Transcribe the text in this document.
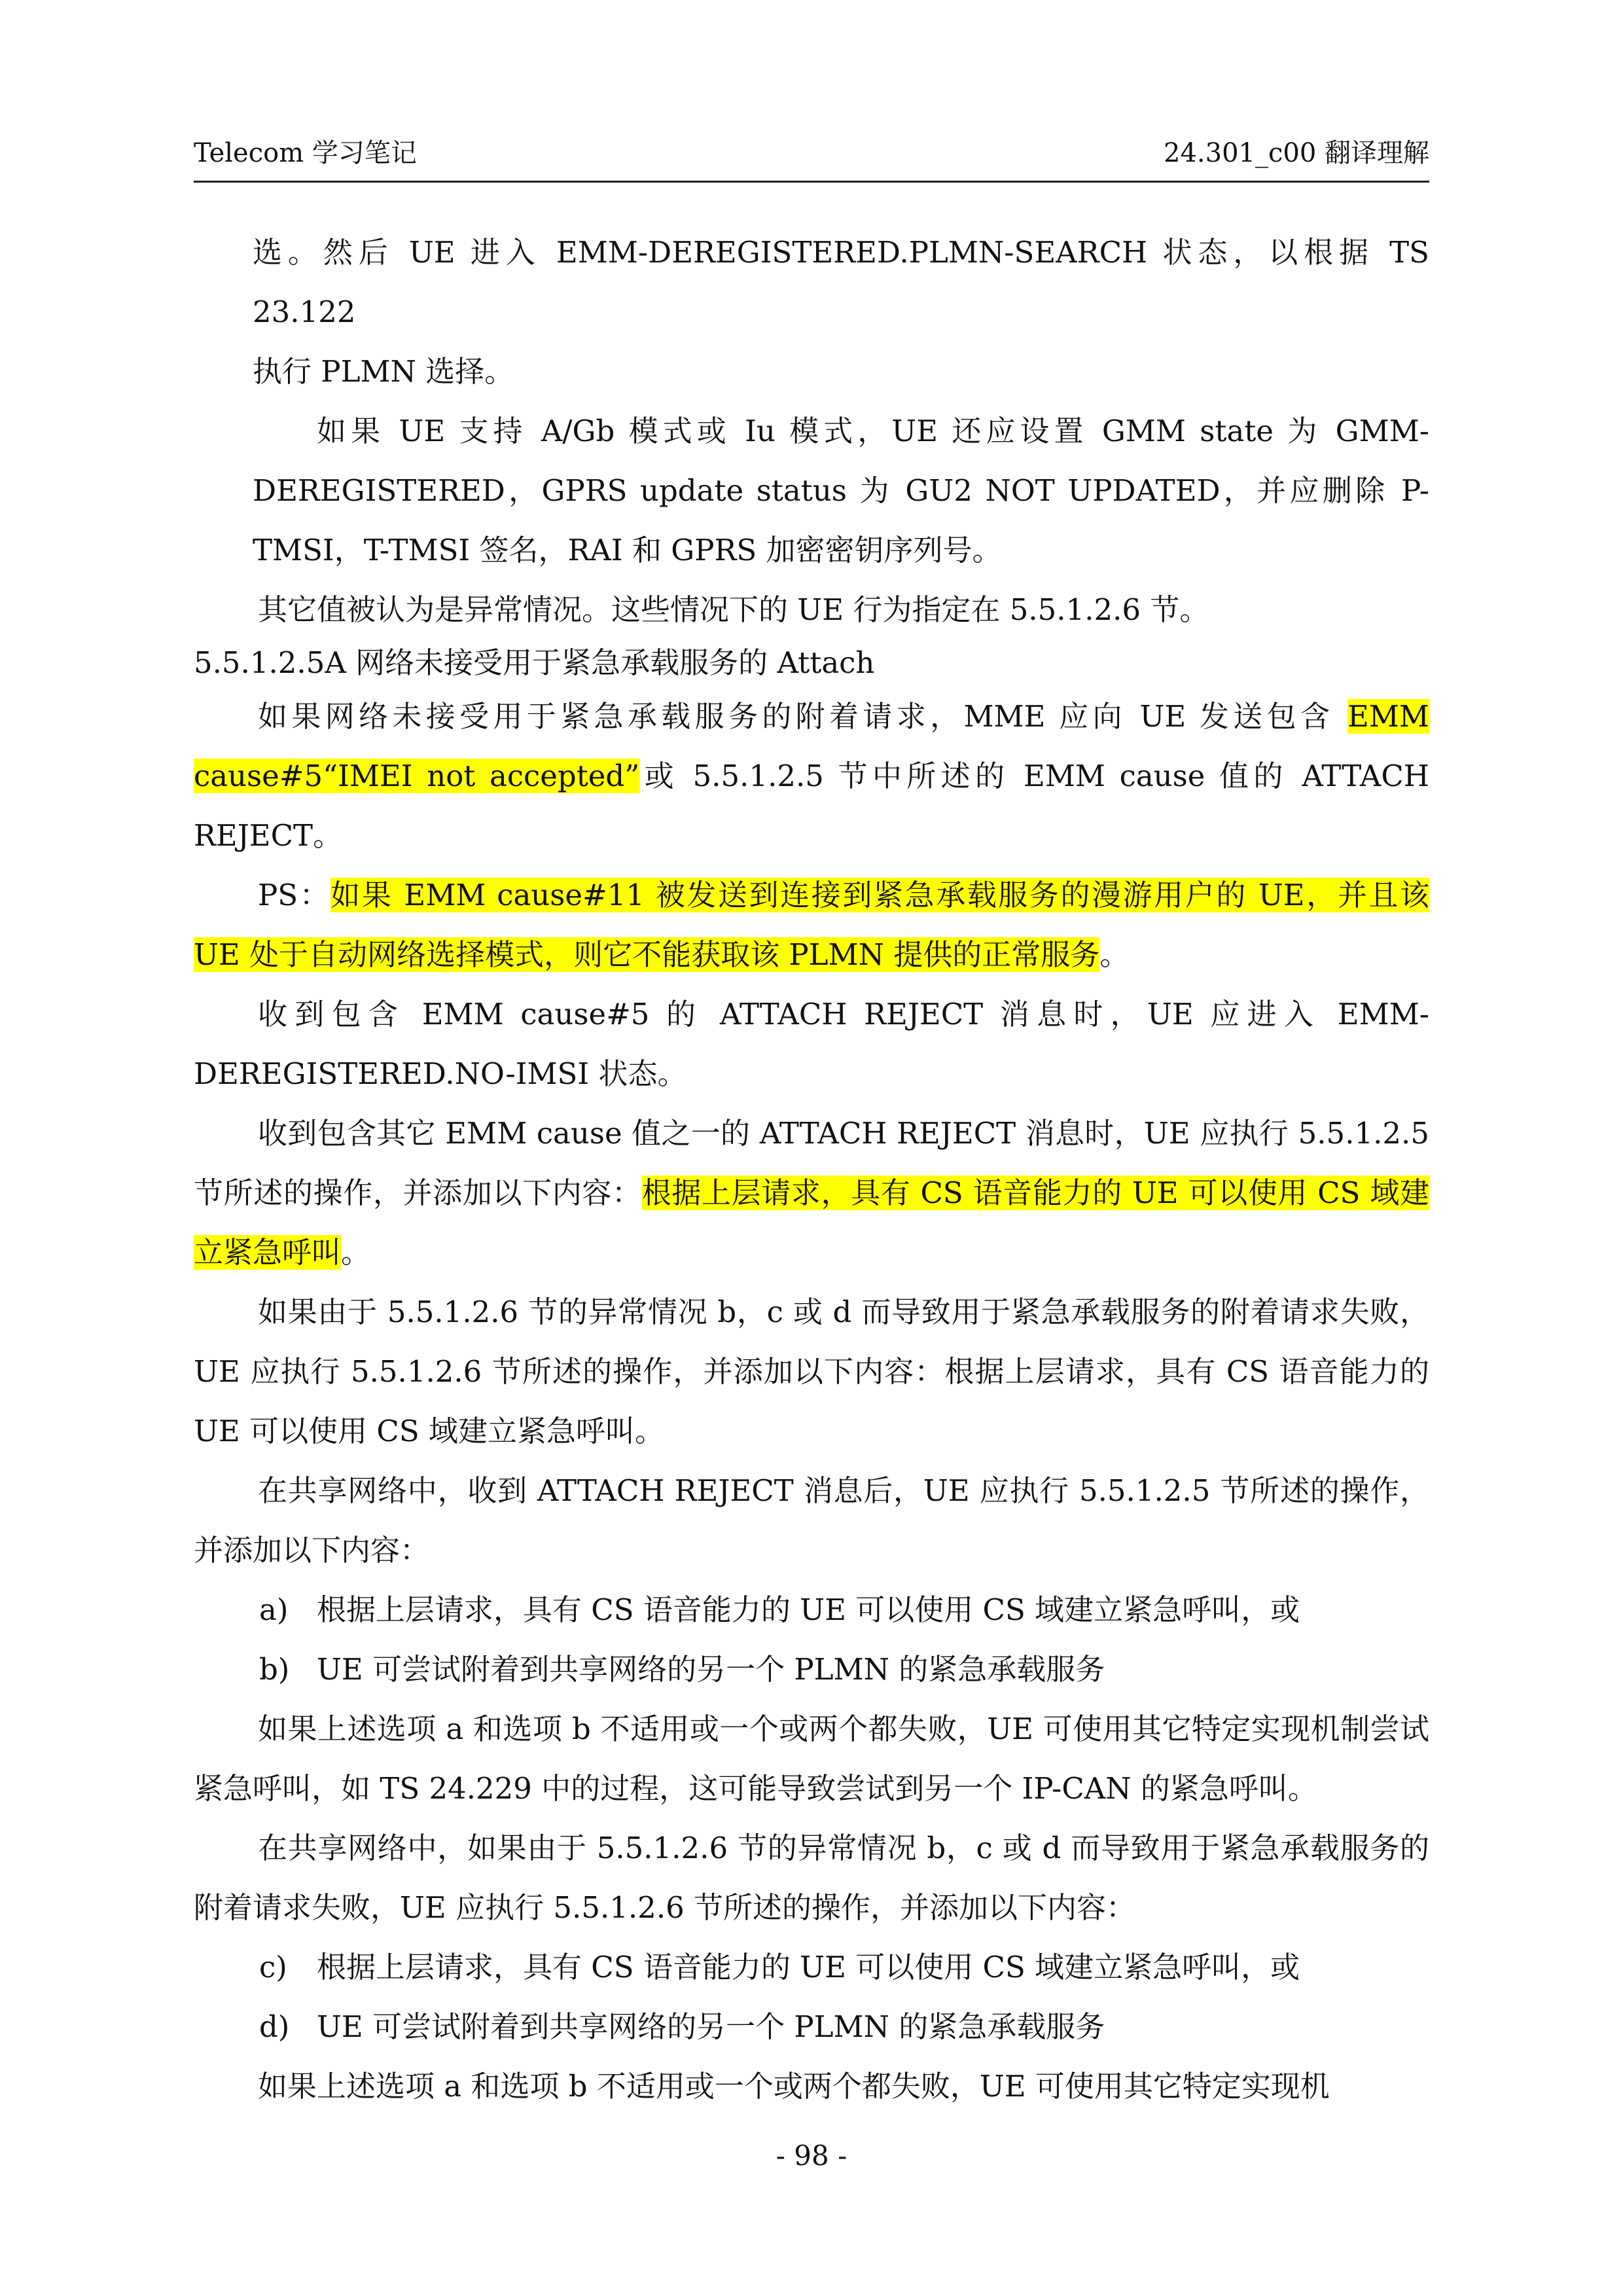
Telecom 学习笔记	24.301_c00 翻译理解
选。然后 UE 进入 EMM-DEREGISTERED.PLMN-SEARCH 状态，以根据 TS 23.122
执行 PLMN 选择。
如果 UE 支持 A/Gb 模式或 Iu 模式，UE 还应设置 GMM state 为 GMM-DEREGISTERED，GPRS update status 为 GU2 NOT UPDATED，并应删除 P-TMSI，T-TMSI 签名，RAI 和 GPRS 加密密钥序列号。
其它值被认为是异常情况。这些情况下的 UE 行为指定在 5.5.1.2.6 节。
5.5.1.2.5A 网络未接受用于紧急承载服务的 Attach
如果网络未接受用于紧急承载服务的附着请求，MME 应向 UE 发送包含 EMM cause#5“IMEI not accepted”或 5.5.1.2.5 节中所述的 EMM cause 值的 ATTACH REJECT。
PS：如果 EMM cause#11 被发送到连接到紧急承载服务的漫游用户的 UE，并且该 UE 处于自动网络选择模式，则它不能获取该 PLMN 提供的正常服务。
收到包含 EMM cause#5 的 ATTACH REJECT 消息时，UE 应进入 EMM-DEREGISTERED.NO-IMSI 状态。
收到包含其它 EMM cause 值之一的 ATTACH REJECT 消息时，UE 应执行 5.5.1.2.5 节所述的操作，并添加以下内容：根据上层请求，具有 CS 语音能力的 UE 可以使用 CS 域建立紧急呼叫。
如果由于 5.5.1.2.6 节的异常情况 b，c 或 d 而导致用于紧急承载服务的附着请求失败，UE 应执行 5.5.1.2.6 节所述的操作，并添加以下内容：根据上层请求，具有 CS 语音能力的 UE 可以使用 CS 域建立紧急呼叫。
在共享网络中，收到 ATTACH REJECT 消息后，UE 应执行 5.5.1.2.5 节所述的操作，并添加以下内容：
a) 根据上层请求，具有 CS 语音能力的 UE 可以使用 CS 域建立紧急呼叫，或
b) UE 可尝试附着到共享网络的另一个 PLMN 的紧急承载服务
如果上述选项 a 和选项 b 不适用或一个或两个都失败，UE 可使用其它特定实现机制尝试紧急呼叫，如 TS 24.229 中的过程，这可能导致尝试到另一个 IP-CAN 的紧急呼叫。
在共享网络中，如果由于 5.5.1.2.6 节的异常情况 b，c 或 d 而导致用于紧急承载服务的附着请求失败，UE 应执行 5.5.1.2.6 节所述的操作，并添加以下内容：
c) 根据上层请求，具有 CS 语音能力的 UE 可以使用 CS 域建立紧急呼叫，或
d) UE 可尝试附着到共享网络的另一个 PLMN 的紧急承载服务
如果上述选项 a 和选项 b 不适用或一个或两个都失败，UE 可使用其它特定实现机
- 98 -
